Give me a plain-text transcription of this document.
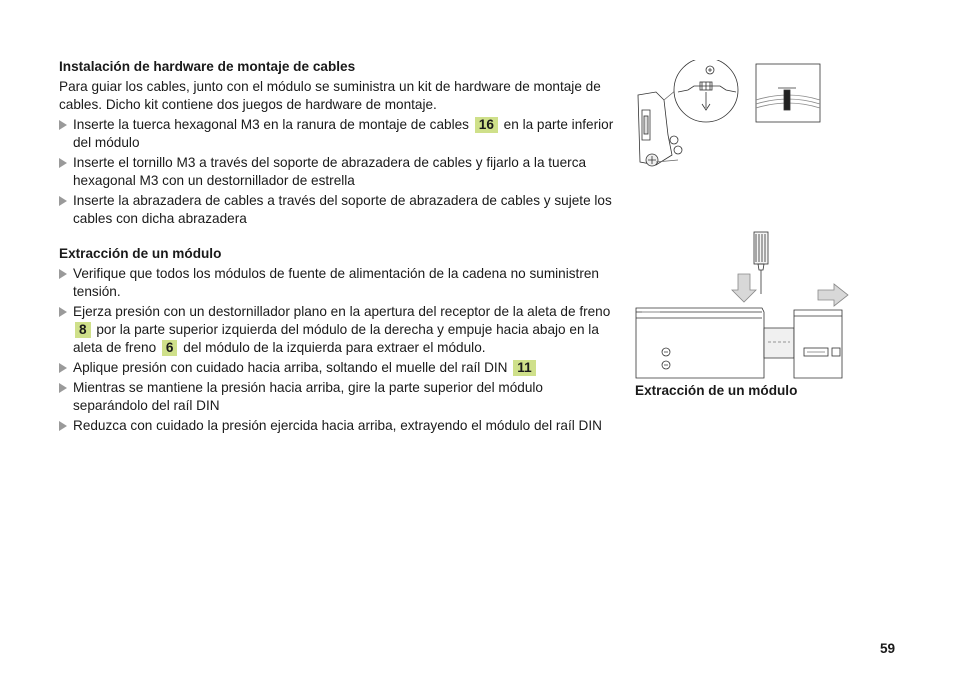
Instalación de hardware de montaje de cables
Para guiar los cables, junto con el módulo se suministra un kit de hardware de montaje de cables. Dicho kit contiene dos juegos de hardware de montaje.
Inserte la tuerca hexagonal M3 en la ranura de montaje de cables 16 en la parte inferior del módulo
Inserte el tornillo M3 a través del soporte de abrazadera de cables y fijarlo a la tuerca hexagonal M3 con un destornillador de estrella
Inserte la abrazadera de cables a través del soporte de abrazadera de cables y sujete los cables con dicha abrazadera
Extracción de un módulo
Verifique que todos los módulos de fuente de alimentación de la cadena no suministren tensión.
Ejerza presión con un destornillador plano en la apertura del receptor de la aleta de freno 8 por la parte superior izquierda del módulo de la derecha y empuje hacia abajo en la aleta de freno 6 del módulo de la izquierda para extraer el módulo.
Aplique presión con cuidado hacia arriba, soltando el muelle del raíl DIN 11
Mientras se mantiene la presión hacia arriba, gire la parte superior del módulo separándolo del raíl DIN
Reduzca con cuidado la presión ejercida hacia arriba, extrayendo el módulo del raíl DIN
Extracción de un módulo
59
